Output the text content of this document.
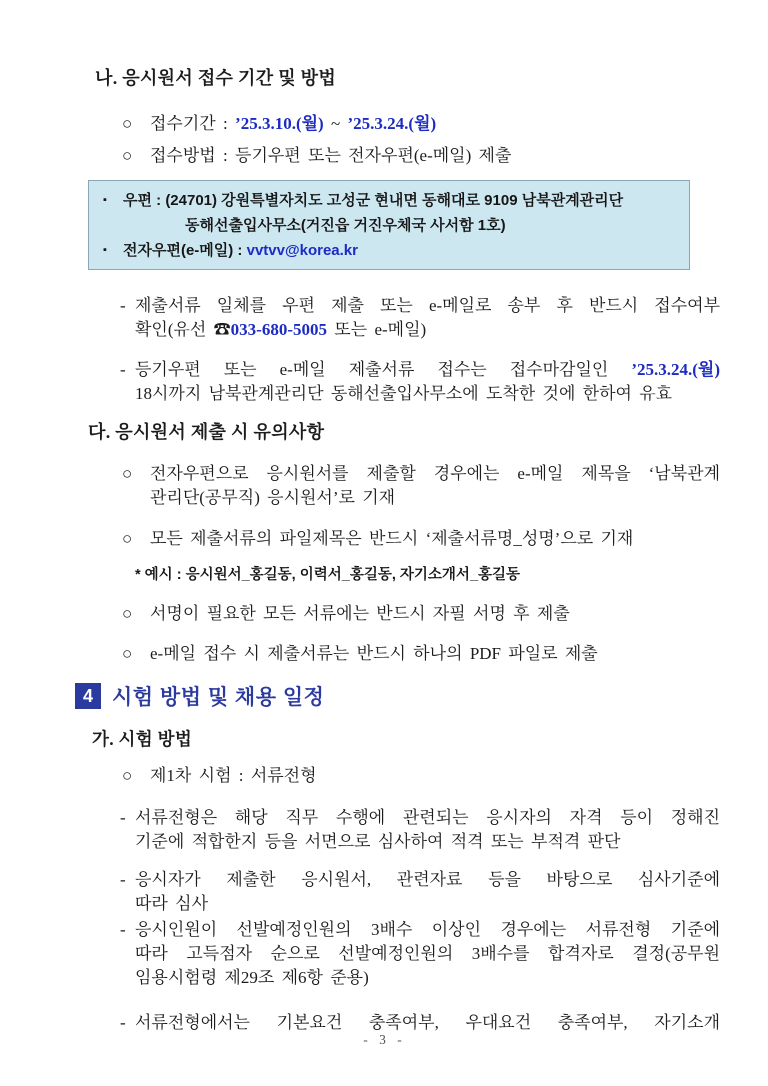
나. 응시원서 접수 기간 및 방법
○	접수기간 : ’25.3.10.(월) ~ ’25.3.24.(월)
○	접수방법 : 등기우편 또는 전자우편(e-메일) 제출
▪	우편 : (24701) 강원특별자치도 고성군 현내면 동해대로 9109 남북관계관리단
동해선출입사무소(거진읍 거진우체국 사서함 1호)
▪	전자우편(e-메일) : vvtvv@korea.kr
- 제출서류 일체를 우편 제출 또는 e-메일로 송부 후 반드시 접수여부
확인(유선 ☎033-680-5005 또는 e-메일)
- 등기우편 또는 e-메일 제출서류 접수는 접수마감일인 ’25.3.24.(월)
18시까지 남북관계관리단 동해선출입사무소에 도착한 것에 한하여 유효
다. 응시원서 제출 시 유의사항
○	전자우편으로 응시원서를 제출할 경우에는 e-메일 제목을 ‘남북관계
관리단(공무직) 응시원서’로 기재
○	모든 제출서류의 파일제목은 반드시 ‘제출서류명_성명’으로 기재
* 예시 : 응시원서_홍길동, 이력서_홍길동, 자기소개서_홍길동
○	서명이 필요한 모든 서류에는 반드시 자필 서명 후 제출
○	e-메일 접수 시 제출서류는 반드시 하나의 PDF 파일로 제출
4 시험 방법 및 채용 일정
가. 시험 방법
○	제1차 시험 : 서류전형
- 서류전형은 해당 직무 수행에 관련되는 응시자의 자격 등이 정해진
기준에 적합한지 등을 서면으로 심사하여 적격 또는 부적격 판단
- 응시자가 제출한 응시원서, 관련자료 등을 바탕으로 심사기준에
따라 심사
- 응시인원이 선발예정인원의 3배수 이상인 경우에는 서류전형 기준에
따라 고득점자 순으로 선발예정인원의 3배수를 합격자로 결정(공무원
임용시험령 제29조 제6항 준용)
- 서류전형에서는 기본요건 충족여부, 우대요건 충족여부, 자기소개
- 3 -
